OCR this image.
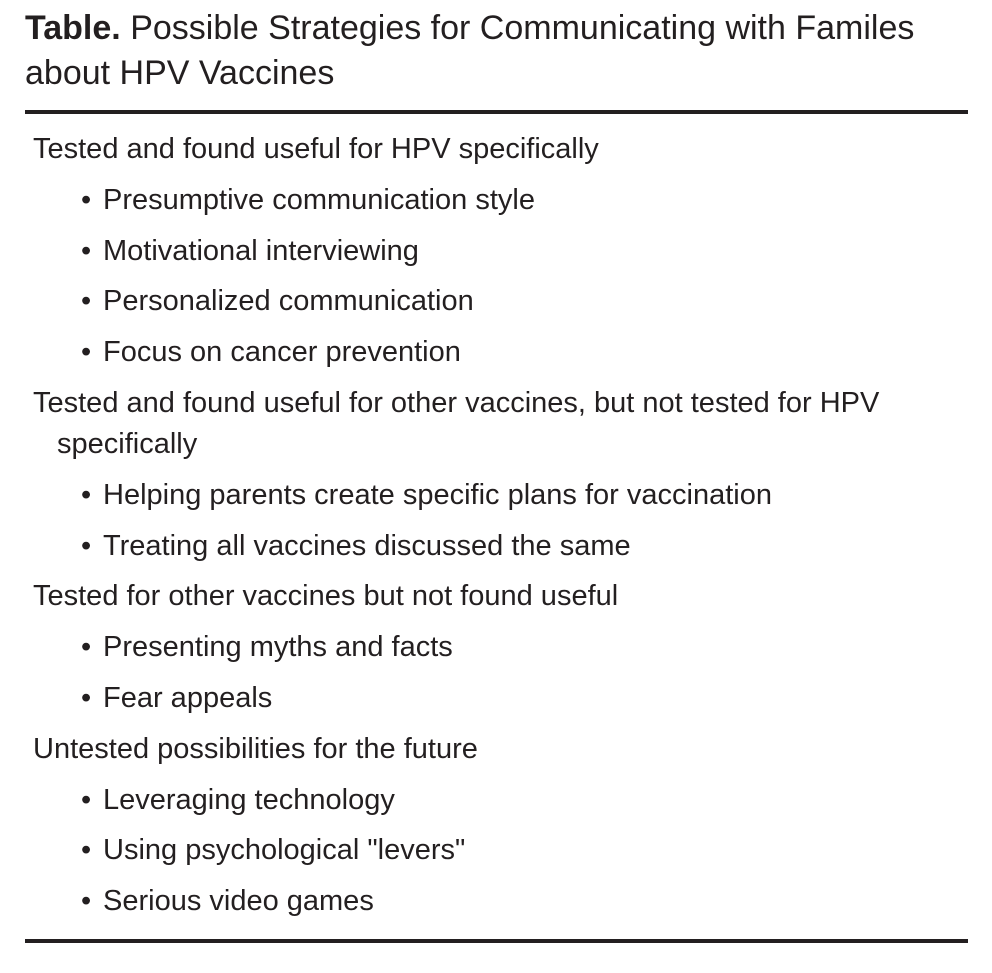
Table. Possible Strategies for Communicating with Familes about HPV Vaccines
Tested and found useful for HPV specifically
• Presumptive communication style
• Motivational interviewing
• Personalized communication
• Focus on cancer prevention
Tested and found useful for other vaccines, but not tested for HPV specifically
• Helping parents create specific plans for vaccination
• Treating all vaccines discussed the same
Tested for other vaccines but not found useful
• Presenting myths and facts
• Fear appeals
Untested possibilities for the future
• Leveraging technology
• Using psychological "levers"
• Serious video games
